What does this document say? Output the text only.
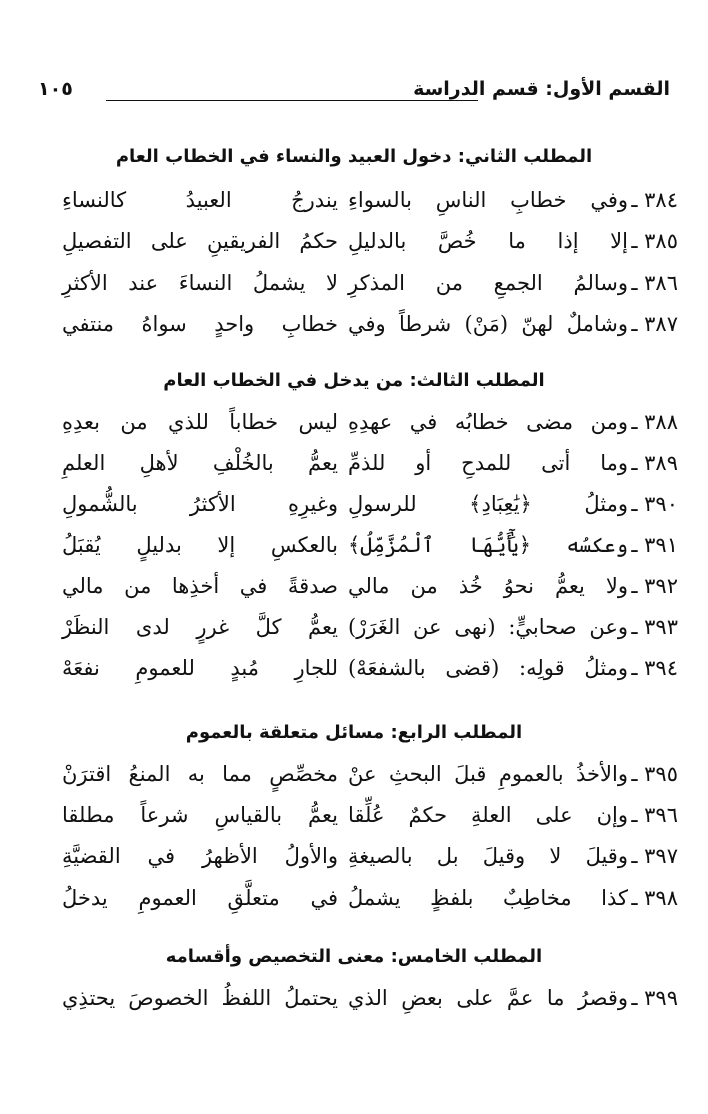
القسم الأول: قسم الدراسة
١٠٥
المطلب الثاني: دخول العبيد والنساء في الخطاب العام
٣٨٤ ـ
وفي خطابِ الناسِ بالسواءِ
يندرجُ العبيدُ كالنساءِ
٣٨٥ ـ
إلا إذا ما خُصَّ بالدليلِ
حكمُ الفريقينِ على التفصيلِ
٣٨٦ ـ
وسالمُ الجمعِ من المذكرِ
لا يشملُ النساءَ عند الأكثرِ
٣٨٧ ـ
وشاملٌ لهنّ (مَنْ) شرطاً وفي
خطابِ واحدٍ سواهُ منتفي
المطلب الثالث: من يدخل في الخطاب العام
٣٨٨ ـ
ومن مضى خطابُه في عهدِهِ
ليس خطاباً للذي من بعدِهِ
٣٨٩ ـ
وما أتى للمدحِ أو للذمِّ
يعمُّ بالخُلْفِ لأهلِ العلمِ
٣٩٠ ـ
ومثلُ ﴿يَٰعِبَادِ﴾ للرسولِ
وغيرِهِ الأكثرُ بالشُّمولِ
٣٩١ ـ
وعكسُه ﴿يَٰٓأَيُّهَا ٱلْمُزَّمِّلُ﴾
بالعكسِ إلا بدليلٍ يُقبَلُ
٣٩٢ ـ
ولا يعمُّ نحوُ خُذ من مالي
صدقةً في أخذِها من مالي
٣٩٣ ـ
وعن صحابيٍّ: (نهى عن الغَرَرْ)
يعمُّ كلَّ غررٍ لدى النظَرْ
٣٩٤ ـ
ومثلُ قولِه: (قضى بالشفعَهْ)
للجارِ مُبدٍ للعمومِ نفعَهْ
المطلب الرابع: مسائل متعلقة بالعموم
٣٩٥ ـ
والأخذُ بالعمومِ قبلَ البحثِ عنْ
مخصِّصٍ مما به المنعُ اقترَنْ
٣٩٦ ـ
وإن على العلةِ حكمٌ عُلِّقا
يعمُّ بالقياسِ شرعاً مطلقا
٣٩٧ ـ
وقيلَ لا وقيلَ بل بالصيغةِ
والأولُ الأظهرُ في القضيَّةِ
٣٩٨ ـ
كذا مخاطِبٌ بلفظٍ يشملُ
في متعلَّقِ العمومِ يدخلُ
المطلب الخامس: معنى التخصيص وأقسامه
٣٩٩ ـ
وقصرُ ما عمَّ على بعضِ الذي
يحتملُ اللفظُ الخصوصَ يحتذِي
